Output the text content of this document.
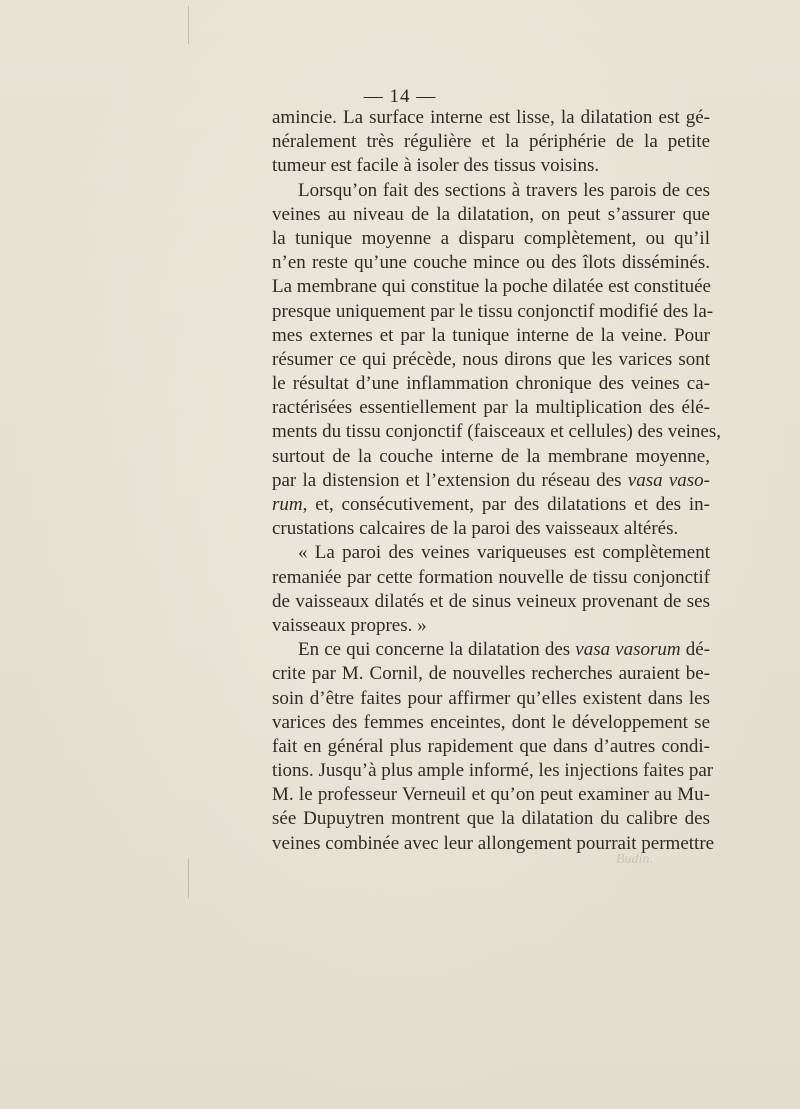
— 14 —
amincie. La surface interne est lisse, la dilatation est gé-
néralement très régulière et la périphérie de la petite
tumeur est facile à isoler des tissus voisins.
Lorsqu’on fait des sections à travers les parois de ces
veines au niveau de la dilatation, on peut s’assurer que
la tunique moyenne a disparu complètement, ou qu’il
n’en reste qu’une couche mince ou des îlots disséminés.
La membrane qui constitue la poche dilatée est constituée
presque uniquement par le tissu conjonctif modifié des la-
mes externes et par la tunique interne de la veine. Pour
résumer ce qui précède, nous dirons que les varices sont
le résultat d’une inflammation chronique des veines ca-
ractérisées essentiellement par la multiplication des élé-
ments du tissu conjonctif (faisceaux et cellules) des veines,
surtout de la couche interne de la membrane moyenne,
par la distension et l’extension du réseau des vasa vaso-
rum, et, consécutivement, par des dilatations et des in-
crustations calcaires de la paroi des vaisseaux altérés.
« La paroi des veines variqueuses est complètement
remaniée par cette formation nouvelle de tissu conjonctif
de vaisseaux dilatés et de sinus veineux provenant de ses
vaisseaux propres. »
En ce qui concerne la dilatation des vasa vasorum dé-
crite par M. Cornil, de nouvelles recherches auraient be-
soin d’être faites pour affirmer qu’elles existent dans les
varices des femmes enceintes, dont le développement se
fait en général plus rapidement que dans d’autres condi-
tions. Jusqu’à plus ample informé, les injections faites par
M. le professeur Verneuil et qu’on peut examiner au Mu-
sée Dupuytren montrent que la dilatation du calibre des
veines combinée avec leur allongement pourrait permettre
Budin.
